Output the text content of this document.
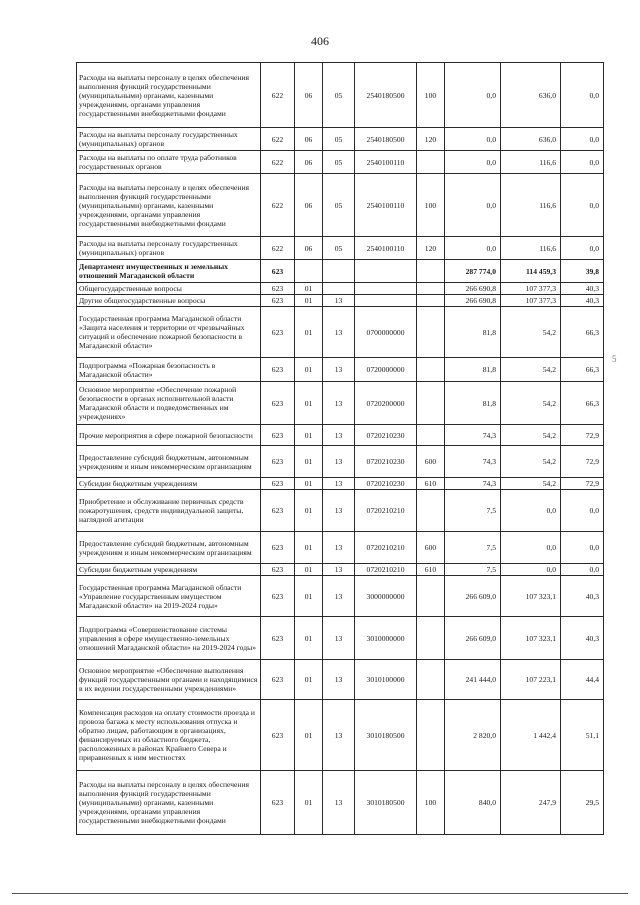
406
5
Расходы на выплаты персоналу в целях обеспечения выполнения функций государственными (муниципальными) органами, казенными учреждениями, органами управления государственными внебюджетными фондами	622	06	05	2540180500	100	0,0	636,0	0,0
Расходы на выплаты персоналу государственных (муниципальных) органов	622	06	05	2540180500	120	0,0	636,0	0,0
Расходы на выплаты по оплате труда работников государственных органов	622	06	05	2540100110		0,0	116,6	0,0
Расходы на выплаты персоналу в целях обеспечения выполнения функций государственными (муниципальными) органами, казенными учреждениями, органами управления государственными внебюджетными фондами	622	06	05	2540100110	100	0,0	116,6	0,0
Расходы на выплаты персоналу государственных (муниципальных) органов	622	06	05	2540100110	120	0,0	116,6	0,0
Департамент имущественных и земельных отношений Магаданской области	623					287 774,0	114 459,3	39,8
Общегосударственные вопросы	623	01				266 690,8	107 377,3	40,3
Другие общегосударственные вопросы	623	01	13			266 690,8	107 377,3	40,3
Государственная программа Магаданской области «Защита населения и территории от чрезвычайных ситуаций и обеспечение пожарной безопасности в Магаданской области»	623	01	13	0700000000		81,8	54,2	66,3
Подпрограмма «Пожарная безопасность в Магаданской области»	623	01	13	0720000000		81,8	54,2	66,3
Основное мероприятие «Обеспечение пожарной безопасности в органах исполнительной власти Магаданской области и подведомственных им учреждениях»	623	01	13	0720200000		81,8	54,2	66,3
Прочие мероприятия в сфере пожарной безопасности	623	01	13	0720210230		74,3	54,2	72,9
Предоставление субсидий бюджетным, автономным учреждениям и иным некоммерческим организациям	623	01	13	0720210230	600	74,3	54,2	72,9
Субсидии бюджетным учреждениям	623	01	13	0720210230	610	74,3	54,2	72,9
Приобретение и обслуживание первичных средств пожаротушения, средств индивидуальной защиты, наглядной агитации	623	01	13	0720210210		7,5	0,0	0,0
Предоставление субсидий бюджетным, автономным учреждениям и иным некоммерческим организациям	623	01	13	0720210210	600	7,5	0,0	0,0
Субсидии бюджетным учреждениям	623	01	13	0720210210	610	7,5	0,0	0,0
Государственная программа Магаданской области «Управление государственным имуществом Магаданской области» на 2019-2024 годы»	623	01	13	3000000000		266 609,0	107 323,1	40,3
Подпрограмма «Совершенствование системы управления в сфере имущественно-земельных отношений Магаданской области» на 2019-2024 годы»	623	01	13	3010000000		266 609,0	107 323,1	40,3
Основное мероприятие «Обеспечение выполнения функций государственными органами и находящимися в их ведении государственными учреждениями»	623	01	13	3010100000		241 444,0	107 223,1	44,4
Компенсация расходов на оплату стоимости проезда и провоза багажа к месту использования отпуска и обратно лицам, работающим в организациях, финансируемых из областного бюджета, расположенных в районах Крайнего Севера и приравненных к ним местностях	623	01	13	3010180500		2 820,0	1 442,4	51,1
Расходы на выплаты персоналу в целях обеспечения выполнения функций государственными (муниципальными) органами, казенными учреждениями, органами управления государственными внебюджетными фондами	623	01	13	3010180500	100	840,0	247,9	29,5
